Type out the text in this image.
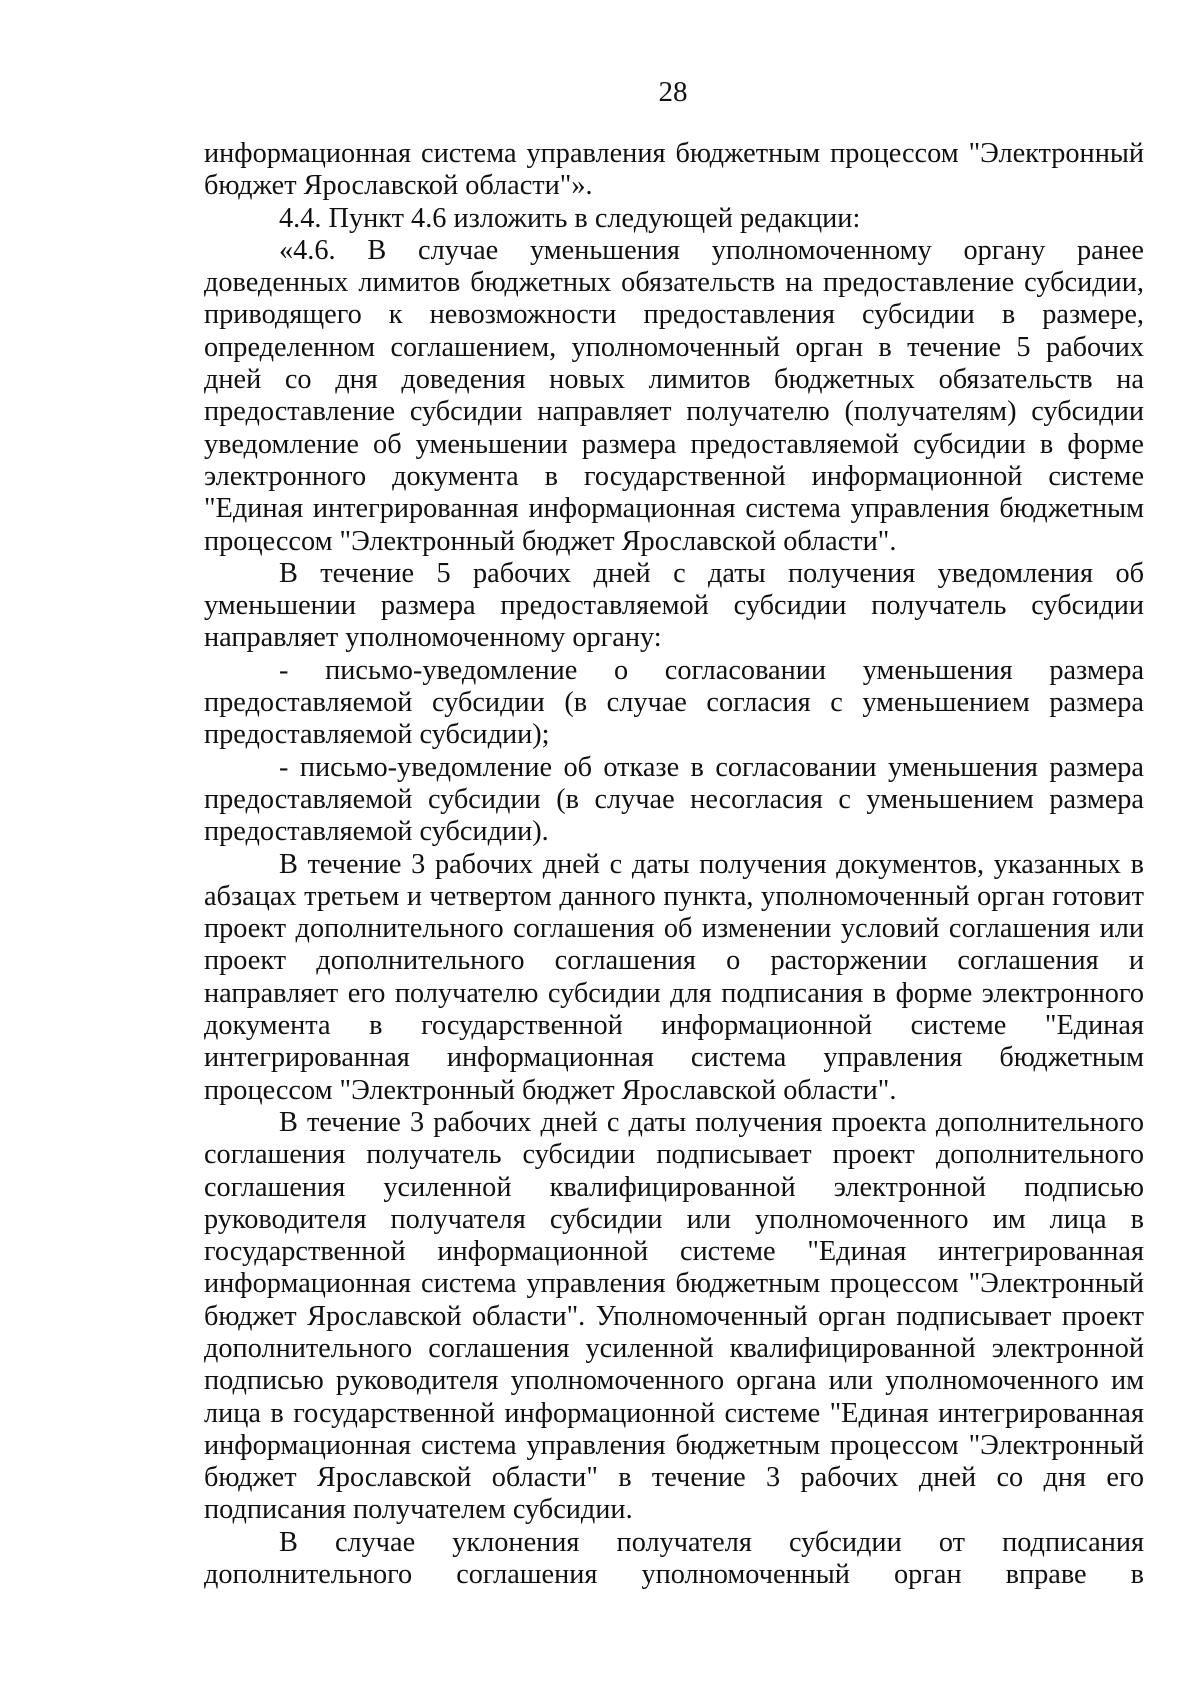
28

информационная система управления бюджетным процессом "Электронный бюджет Ярославской области"».

4.4. Пункт 4.6 изложить в следующей редакции:

«4.6. В случае уменьшения уполномоченному органу ранее доведенных лимитов бюджетных обязательств на предоставление субсидии, приводящего к невозможности предоставления субсидии в размере, определенном соглашением, уполномоченный орган в течение 5 рабочих дней со дня доведения новых лимитов бюджетных обязательств на предоставление субсидии направляет получателю (получателям) субсидии уведомление об уменьшении размера предоставляемой субсидии в форме электронного документа в государственной информационной системе "Единая интегрированная информационная система управления бюджетным процессом "Электронный бюджет Ярославской области".

В течение 5 рабочих дней с даты получения уведомления об уменьшении размера предоставляемой субсидии получатель субсидии направляет уполномоченному органу:

- письмо-уведомление о согласовании уменьшения размера предоставляемой субсидии (в случае согласия с уменьшением размера предоставляемой субсидии);

- письмо-уведомление об отказе в согласовании уменьшения размера предоставляемой субсидии (в случае несогласия с уменьшением размера предоставляемой субсидии).

В течение 3 рабочих дней с даты получения документов, указанных в абзацах третьем и четвертом данного пункта, уполномоченный орган готовит проект дополнительного соглашения об изменении условий соглашения или проект дополнительного соглашения о расторжении соглашения и направляет его получателю субсидии для подписания в форме электронного документа в государственной информационной системе "Единая интегрированная информационная система управления бюджетным процессом "Электронный бюджет Ярославской области".

В течение 3 рабочих дней с даты получения проекта дополнительного соглашения получатель субсидии подписывает проект дополнительного соглашения усиленной квалифицированной электронной подписью руководителя получателя субсидии или уполномоченного им лица в государственной информационной системе "Единая интегрированная информационная система управления бюджетным процессом "Электронный бюджет Ярославской области". Уполномоченный орган подписывает проект дополнительного соглашения усиленной квалифицированной электронной подписью руководителя уполномоченного органа или уполномоченного им лица в государственной информационной системе "Единая интегрированная информационная система управления бюджетным процессом "Электронный бюджет Ярославской области" в течение 3 рабочих дней со дня его подписания получателем субсидии.

В случае уклонения получателя субсидии от подписания дополнительного соглашения уполномоченный орган вправе в
